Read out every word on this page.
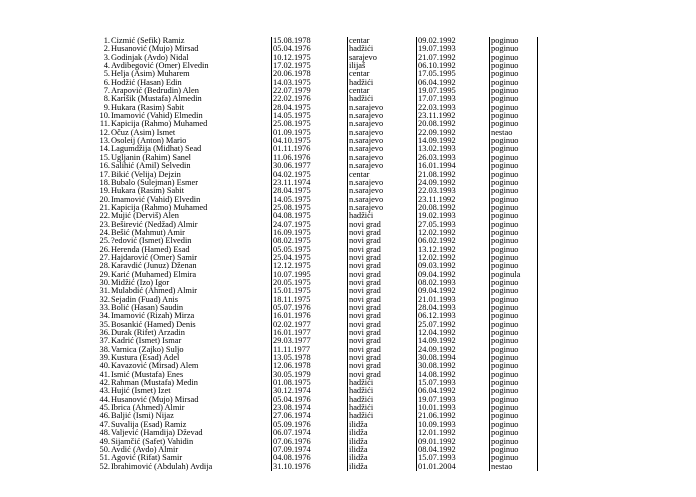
1.	Čizmić (Šefik) Ramiz	15.08.1978	centar	09.02.1992	poginuo
2.	Husanović (Mujo) Mirsad	05.04.1976	hadžići	19.07.1993	poginuo
3.	Godinjak (Avdo) Nidal	10.12.1975	sarajevo	21.07.1992	poginuo
4.	Avdibegović (Omer) Elvedin	17.02.1975	ilijaš	06.10.1992	poginuo
5.	Helja (Asim) Muharem	20.06.1978	centar	17.05.1995	poginuo
6.	Hodžić (Hasan) Edin	14.03.1975	hadžići	06.04.1992	poginuo
7.	Arapović (Bedrudin) Alen	22.07.1979	centar	19.07.1995	poginuo
8.	Karišik (Mustafa) Almedin	22.02.1976	hadžići	17.07.1993	poginuo
9.	Hukara (Rasim) Sabit	28.04.1975	n.sarajevo	22.03.1993	poginuo
10.	Imamović (Vahid) Elmedin	14.05.1975	n.sarajevo	23.11.1992	poginuo
11.	Kapicija (Rahmo) Muhamed	25.08.1975	n.sarajevo	20.08.1992	poginuo
12.	Očuz (Asim) Ismet	01.09.1975	n.sarajevo	22.09.1992	nestao
13.	Osoleij (Anton) Mario	04.10.1975	n.sarajevo	14.09.1992	poginuo
14.	Lagumdžija (Midhat) Sead	01.11.1976	n.sarajevo	13.02.1993	poginuo
15.	Ugljanin (Rahim) Sanel	11.06.1976	n.sarajevo	26.03.1993	poginuo
16.	Salihić (Amil) Selvedin	30.06.1977	n.sarajevo	16.01.1994	poginuo
17.	Bikić (Velija) Dejzin	04.02.1975	centar	21.08.1992	poginuo
18.	Bubalo (Sulejman) Esmer	23.11.1974	n.sarajevo	24.09.1992	poginuo
19.	Hukara (Rasim) Sabit	28.04.1975	n.sarajevo	22.03.1993	poginuo
20.	Imamović (Vahid) Elvedin	14.05.1975	n.sarajevo	23.11.1992	poginuo
21.	Kapicija (Rahmo) Muhamed	25.08.1975	n.sarajevo	20.08.1992	poginuo
22.	Mujić (Derviš) Alen	04.08.1975	hadžići	19.02.1993	poginuo
23.	Beširević (Nedžad) Almir	24.07.1975	novi grad	27.05.1993	poginuo
24.	Bešić (Mahmut) Amir	16.09.1975	novi grad	12.02.1992	poginuo
25.	?edović (Ismet) Elvedin	08.02.1975	novi grad	06.02.1992	poginuo
26.	Herenda (Hamed) Esad	05.05.1975	novi grad	13.12.1992	poginuo
27.	Hajdarović (Omer) Samir	25.04.1975	novi grad	12.02.1992	poginuo
28.	Karavdić (Junuz) Dženan	12.12.1975	novi grad	09.03.1992	poginuo
29.	Karić (Muhamed) Elmira	10.07.1995	novi grad	09.04.1992	poginula
30.	Midžić (Izo) Igor	20.05.1975	novi grad	08.02.1993	poginuo
31.	Mulabdić (Ahmed) Almir	15.01.1975	novi grad	09.04.1992	poginuo
32.	Sejadin (Fuad) Anis	18.11.1975	novi grad	21.01.1993	poginuo
33.	Bolić (Hasan) Saudin	05.07.1976	novi grad	28.04.1993	poginuo
34.	Imamović (Rizah) Mirza	16.01.1976	novi grad	06.12.1993	poginuo
35.	Bosankić (Hamed) Denis	02.02.1977	novi grad	25.07.1992	poginuo
36.	Durak (Rifet) Arzadin	16.01.1977	novi grad	12.04.1992	poginuo
37.	Kadrić (Ismet) Ismar	29.03.1977	novi grad	14.09.1992	poginuo
38.	Varnica (Zajko) Suljo	11.11.1977	novi grad	24.09.1992	poginuo
39.	Kustura (Esad) Adel	13.05.1978	novi grad	30.08.1994	poginuo
40.	Kavazović (Mirsad) Alem	12.06.1978	novi grad	30.08.1992	poginuo
41.	Ismić (Mustafa) Enes	30.05.1979	novi grad	14.08.1992	poginuo
42.	Rahman (Mustafa) Medin	01.08.1975	hadžići	15.07.1993	poginuo
43.	Hujić (Ismet) Izet	30.12.1974	hadžići	06.04.1992	poginuo
44.	Husanović (Mujo) Mirsad	05.04.1976	hadžići	19.07.1993	poginuo
45.	Ibrica (Ahmed) Almir	23.08.1974	hadžići	10.01.1993	poginuo
46.	Baljić (Ismi) Nijaz	27.06.1974	hadžići	21.06.1992	poginuo
47.	Šuvalija (Esad) Ramiz	05.09.1976	ilidža	10.09.1993	poginuo
48.	Valjević (Hamdija) Dževad	06.07.1974	ilidža	12.01.1992	poginuo
49.	Sijamčić (Safet) Vahidin	07.06.1976	ilidža	09.01.1992	poginuo
50.	Avdić (Avdo) Almir	07.09.1974	ilidža	08.04.1992	poginuo
51.	Agović (Rifat) Samir	04.08.1976	ilidža	15.07.1993	poginuo
52.	Ibrahimović (Abdulah) Avdija	31.10.1976	ilidža	01.01.2004	nestao
